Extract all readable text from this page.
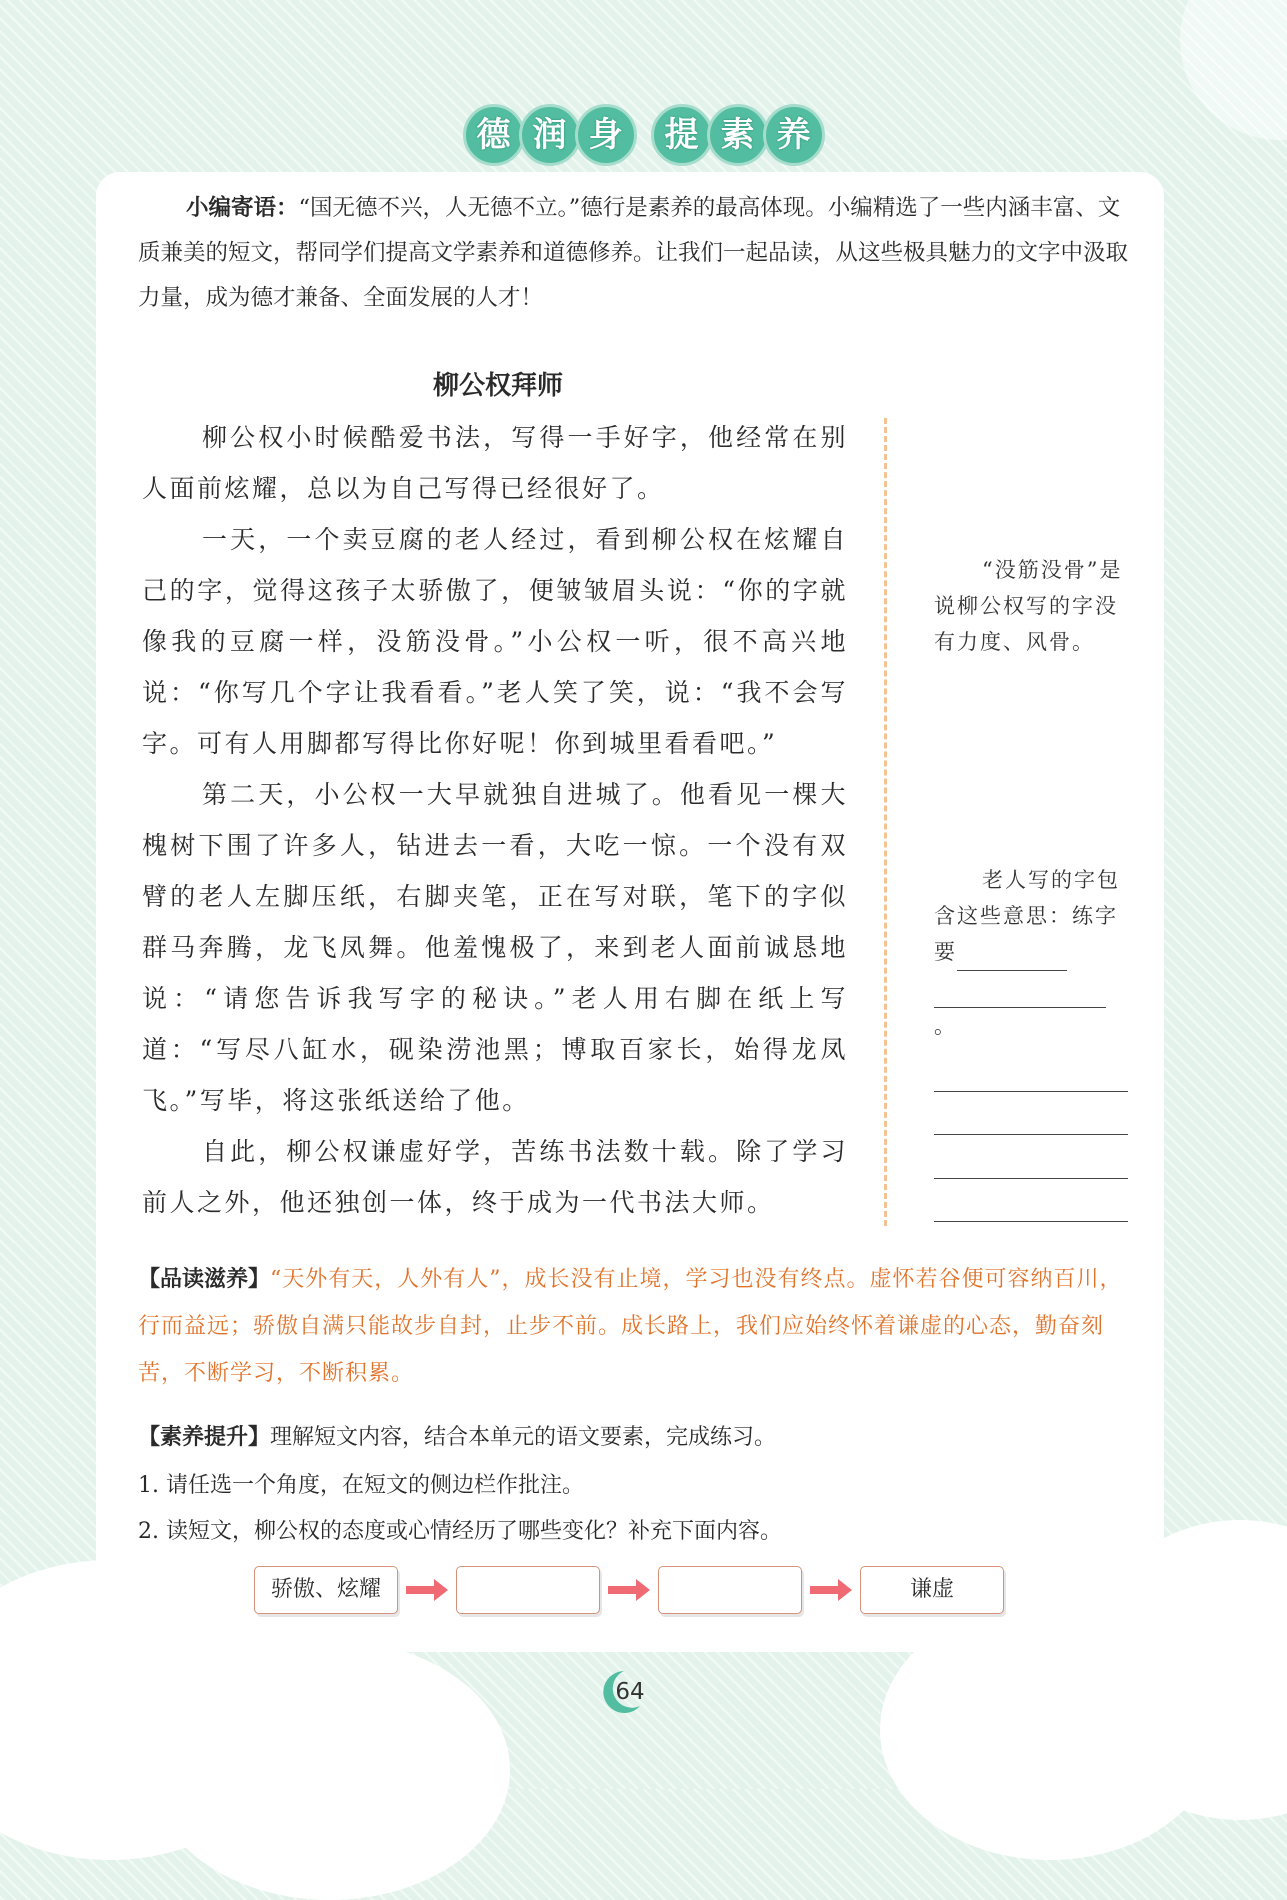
德 润 身 提 素 养
小编寄语：“国无德不兴，人无德不立。”德行是素养的最高体现。小编精选了一些内涵丰富、文质兼美的短文，帮同学们提高文学素养和道德修养。让我们一起品读，从这些极具魅力的文字中汲取力量，成为德才兼备、全面发展的人才！
柳公权拜师

柳公权小时候酷爱书法，写得一手好字，他经常在别人面前炫耀，总以为自己写得已经很好了。

一天，一个卖豆腐的老人经过，看到柳公权在炫耀自己的字，觉得这孩子太骄傲了，便皱皱眉头说：“你的字就像我的豆腐一样，没筋没骨。”小公权一听，很不高兴地说：“你写几个字让我看看。”老人笑了笑，说：“我不会写字。可有人用脚都写得比你好呢！你到城里看看吧。”

第二天，小公权一大早就独自进城了。他看见一棵大槐树下围了许多人，钻进去一看，大吃一惊。一个没有双臂的老人左脚压纸，右脚夹笔，正在写对联，笔下的字似群马奔腾，龙飞凤舞。他羞愧极了，来到老人面前诚恳地说：“请您告诉我写字的秘诀。”老人用右脚在纸上写道：“写尽八缸水，砚染涝池黑；博取百家长，始得龙凤飞。”写毕，将这张纸送给了他。

自此，柳公权谦虚好学，苦练书法数十载。除了学习前人之外，他还独创一体，终于成为一代书法大师。

“没筋没骨”是说柳公权写的字没有力度、风骨。
老人写的字包含这些意思：练字要
。
【品读滋养】“天外有天，人外有人”，成长没有止境，学习也没有终点。虚怀若谷便可容纳百川，行而益远；骄傲自满只能故步自封，止步不前。成长路上，我们应始终怀着谦虚的心态，勤奋刻苦，不断学习，不断积累。
【素养提升】理解短文内容，结合本单元的语文要素，完成练习。
1. 请任选一个角度，在短文的侧边栏作批注。
2. 读短文，柳公权的态度或心情经历了哪些变化？补充下面内容。
骄傲、炫耀	谦虚
64
